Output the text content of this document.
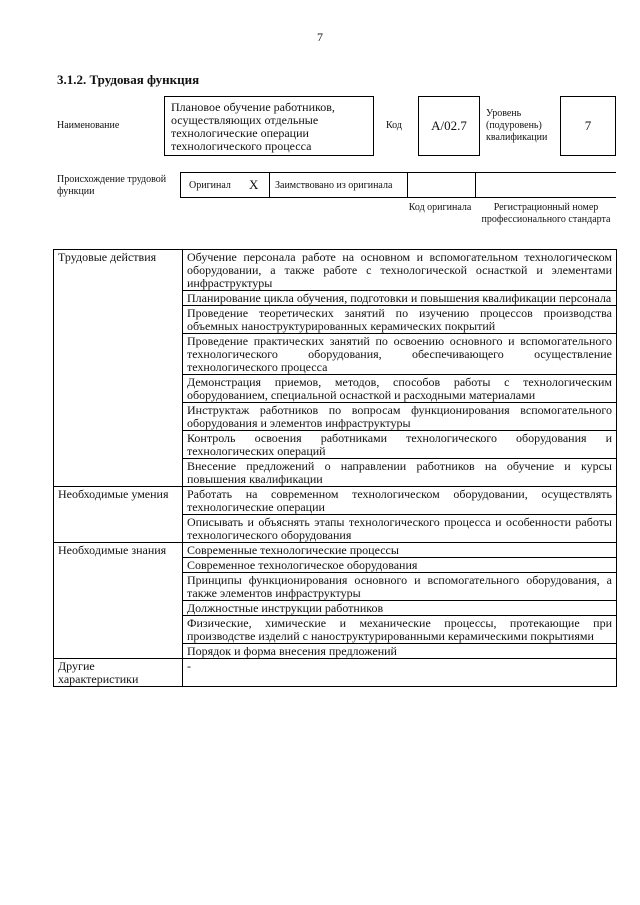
7
3.1.2. Трудовая функция
Наименование
Плановое обучение работников, осуществляющих отдельные технологические операции технологического процесса
Код	A/02.7
Уровень (подуровень) квалификации
7
Происхождение трудовой функции
Оригинал X Заимствовано из оригинала
Код оригинала	Регистрационный номер профессионального стандарта
Трудовые действия	Обучение персонала работе на основном и вспомогательном технологическом оборудовании, а также работе с технологической оснасткой и элементами инфраструктуры
	Планирование цикла обучения, подготовки и повышения квалификации персонала
	Проведение теоретических занятий по изучению процессов производства объемных наноструктурированных керамических покрытий
	Проведение практических занятий по освоению основного и вспомогательного технологического оборудования, обеспечивающего осуществление технологического процесса
	Демонстрация приемов, методов, способов работы с технологическим оборудованием, специальной оснасткой и расходными материалами
	Инструктаж работников по вопросам функционирования вспомогательного оборудования и элементов инфраструктуры
	Контроль освоения работниками технологического оборудования и технологических операций
	Внесение предложений о направлении работников на обучение и курсы повышения квалификации
Необходимые умения	Работать на современном технологическом оборудовании, осуществлять технологические операции
	Описывать и объяснять этапы технологического процесса и особенности работы технологического оборудования
Необходимые знания	Современные технологические процессы
	Современное технологическое оборудования
	Принципы функционирования основного и вспомогательного оборудования, а также элементов инфраструктуры
	Должностные инструкции работников
	Физические, химические и механические процессы, протекающие при производстве изделий с наноструктурированными керамическими покрытиями
	Порядок и форма внесения предложений
Другие характеристики	-
